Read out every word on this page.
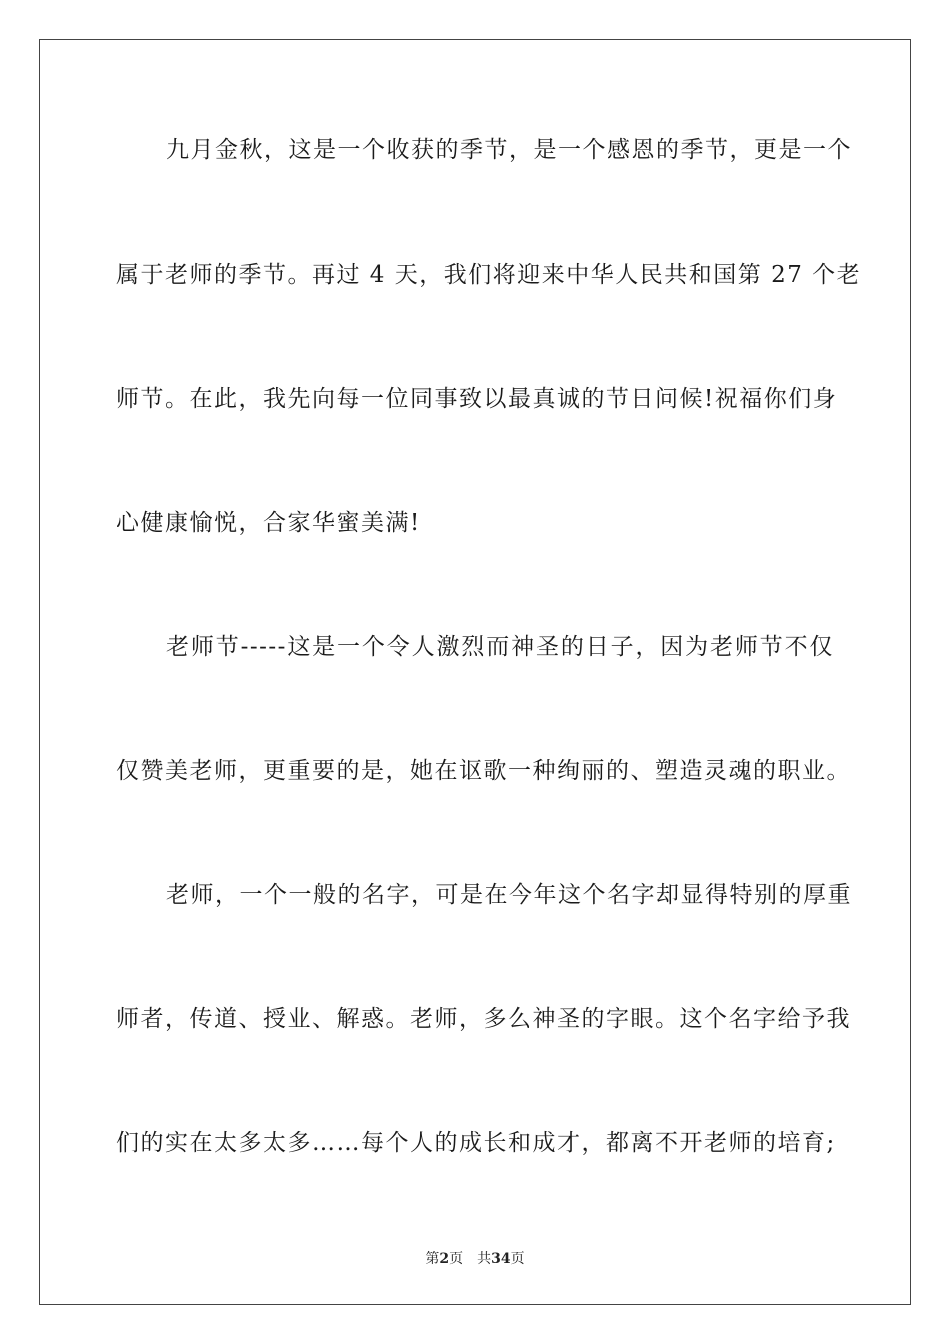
九月金秋，这是一个收获的季节，是一个感恩的季节，更是一个
属于老师的季节。再过 4 天，我们将迎来中华人民共和国第 27 个老
师节。在此，我先向每一位同事致以最真诚的节日问候!祝福你们身
心健康愉悦，合家华蜜美满!
老师节-----这是一个令人激烈而神圣的日子，因为老师节不仅
仅赞美老师，更重要的是，她在讴歌一种绚丽的、塑造灵魂的职业。
老师，一个一般的名字，可是在今年这个名字却显得特别的厚重
师者，传道、授业、解惑。老师，多么神圣的字眼。这个名字给予我
们的实在太多太多……每个人的成长和成才，都离不开老师的培育;
第2页 共34页
